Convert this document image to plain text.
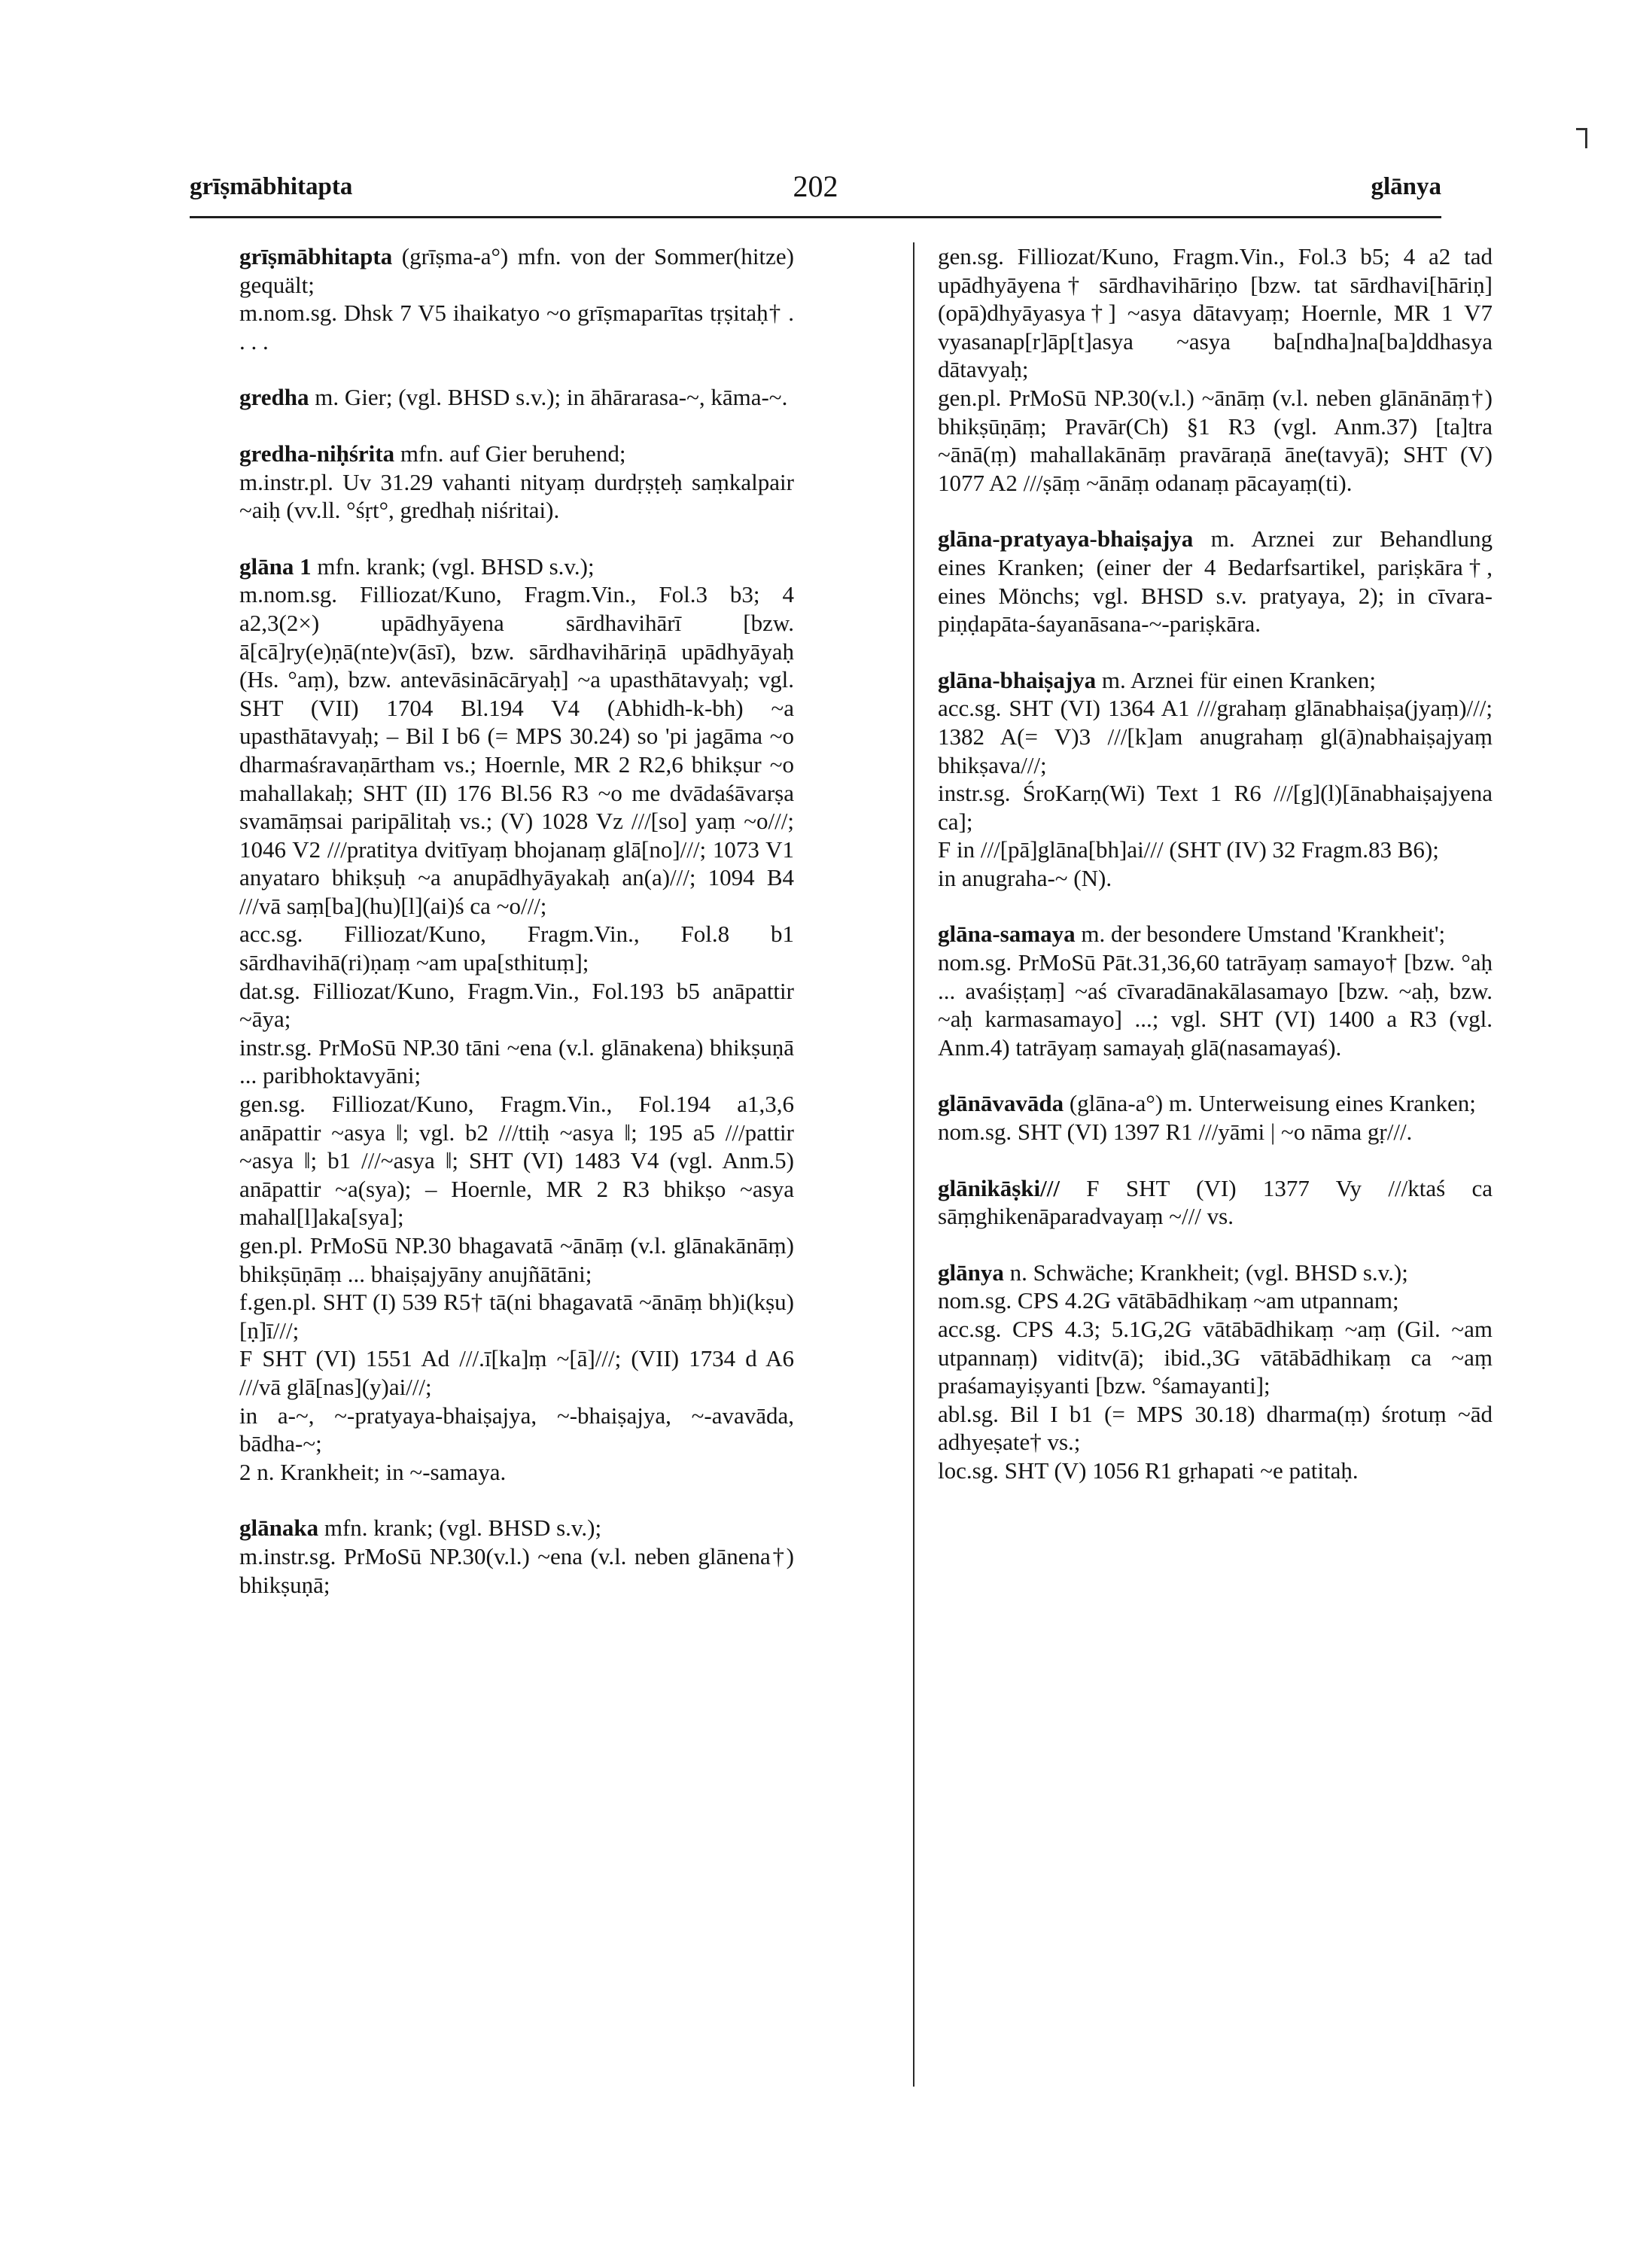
202
grīṣmābhitapta	glānya

grīṣmābhitapta (grīṣma-a°) mfn. von der Sommer(hitze) gequält;

m.nom.sg. Dhsk 7 V5 ihaikatyo ~o grīṣmaparītas tṛṣitaḥ† . . . .

gredha m. Gier; (vgl. BHSD s.v.); in āhārarasa-~, kāma-~.

gredha-niḥśrita mfn. auf Gier beruhend;

m.instr.pl. Uv 31.29 vahanti nityaṃ durdṛṣṭeḥ saṃkalpair ~aiḥ (vv.ll. °śṛt°, gredhaḥ niśritai).

glāna 1 mfn. krank; (vgl. BHSD s.v.);

m.nom.sg. Filliozat/Kuno, Fragm.Vin., Fol.3 b3; 4 a2,3(2×) upādhyāyena sārdhavihārī [bzw. ā[cā]ry(e)ṇā(nte)v(āsī), bzw. sārdhavihāriṇā upādhyāyaḥ (Hs. °aṃ), bzw. antevāsinācāryaḥ] ~a upasthātavyaḥ; vgl. SHT (VII) 1704 Bl.194 V4 (Abhidh-k-bh) ~a upasthātavyaḥ; – Bil I b6 (= MPS 30.24) so 'pi jagāma ~o dharmaśravaṇārtham vs.; Hoernle, MR 2 R2,6 bhikṣur ~o mahallakaḥ; SHT (II) 176 Bl.56 R3 ~o me dvādaśāvarṣa svamāṃsai paripālitaḥ vs.; (V) 1028 Vz ///[so] yaṃ ~o///; 1046 V2 ///pratitya dvitīyaṃ bhojanaṃ glā[no]///; 1073 V1 anyataro bhikṣuḥ ~a anupādhyāyakaḥ an(a)///; 1094 B4 ///vā saṃ[ba](hu)[l](ai)ś ca ~o///;

acc.sg. Filliozat/Kuno, Fragm.Vin., Fol.8 b1 sārdhavihā(ri)ṇaṃ ~am upa[sthituṃ];

dat.sg. Filliozat/Kuno, Fragm.Vin., Fol.193 b5 anāpattir ~āya;

instr.sg. PrMoSū NP.30 tāni ~ena (v.l. glānakena) bhikṣuṇā ... paribhoktavyāni;

gen.sg. Filliozat/Kuno, Fragm.Vin., Fol.194 a1,3,6 anāpattir ~asya ‖; vgl. b2 ///ttiḥ ~asya ‖; 195 a5 ///pattir ~asya ‖; b1 ///~asya ‖; SHT (VI) 1483 V4 (vgl. Anm.5) anāpattir ~a(sya); – Hoernle, MR 2 R3 bhikṣo ~asya mahal[l]aka[sya];

gen.pl. PrMoSū NP.30 bhagavatā ~ānāṃ (v.l. glānakānāṃ) bhikṣūṇāṃ ... bhaiṣajyāny anujñātāni;

f.gen.pl. SHT (I) 539 R5† tā(ni bhagavatā ~ānāṃ bh)i(kṣu)[ṇ]ī///;

F SHT (VI) 1551 Ad ///.ī[ka]ṃ ~[ā]///; (VII) 1734 d A6 ///vā glā[nas](y)ai///;

in a-~, ~-pratyaya-bhaiṣajya, ~-bhaiṣajya, ~-avavāda, bādha-~;

2 n. Krankheit; in ~-samaya.

glānaka mfn. krank; (vgl. BHSD s.v.);

m.instr.sg. PrMoSū NP.30(v.l.) ~ena (v.l. neben glānena†) bhikṣuṇā;

gen.sg. Filliozat/Kuno, Fragm.Vin., Fol.3 b5; 4 a2 tad upādhyāyena† sārdhavihāriṇo [bzw. tat sārdhavi[hāriṇ](opā)dhyāyasya†] ~asya dātavyaṃ; Hoernle, MR 1 V7 vyasanap[r]āp[t]asya ~asya ba[ndha]na[ba]ddhasya dātavyaḥ;

gen.pl. PrMoSū NP.30(v.l.) ~ānāṃ (v.l. neben glānānāṃ†) bhikṣūṇāṃ; Pravār(Ch) §1 R3 (vgl. Anm.37) [ta]tra ~ānā(ṃ) mahallakānāṃ pravāraṇā āne(tavyā); SHT (V) 1077 A2 ///ṣāṃ ~ānāṃ odanaṃ pācayaṃ(ti).

glāna-pratyaya-bhaiṣajya m. Arznei zur Behandlung eines Kranken; (einer der 4 Bedarfsartikel, pariṣkāra†, eines Mönchs; vgl. BHSD s.v. pratyaya, 2); in cīvara-piṇḍapāta-śayanāsana-~-pariṣkāra.

glāna-bhaiṣajya m. Arznei für einen Kranken;

acc.sg. SHT (VI) 1364 A1 ///grahaṃ glānabhaiṣa(jyaṃ)///; 1382 A(= V)3 ///[k]am anugrahaṃ gl(ā)nabhaiṣajyaṃ bhikṣava///;

instr.sg. ŚroKarṇ(Wi) Text 1 R6 ///[g](l)[ānabhaiṣajyena ca];

F in ///[pā]glāna[bh]ai/// (SHT (IV) 32 Fragm.83 B6);

in anugraha-~ (N).

glāna-samaya m. der besondere Umstand 'Krankheit';

nom.sg. PrMoSū Pāt.31,36,60 tatrāyaṃ samayo† [bzw. °aḥ ... avaśiṣṭaṃ] ~aś cīvaradānakālasamayo [bzw. ~aḥ, bzw. ~aḥ karmasamayo] ...; vgl. SHT (VI) 1400 a R3 (vgl. Anm.4) tatrāyaṃ samayaḥ glā(nasamayaś).

glānāvavāda (glāna-a°) m. Unterweisung eines Kranken;

nom.sg. SHT (VI) 1397 R1 ///yāmi | ~o nāma gṛ///.

glānikāṣki/// F SHT (VI) 1377 Vy ///ktaś ca sāṃghikenāparadvayaṃ ~/// vs.

glānya n. Schwäche; Krankheit; (vgl. BHSD s.v.);

nom.sg. CPS 4.2G vātābādhikaṃ ~am utpannam;

acc.sg. CPS 4.3; 5.1G,2G vātābādhikaṃ ~aṃ (Gil. ~am utpannaṃ) viditv(ā); ibid.,3G vātābādhikaṃ ca ~aṃ praśamayiṣyanti [bzw. °śamayanti];

abl.sg. Bil I b1 (= MPS 30.18) dharma(ṃ) śrotuṃ ~ād adhyeṣate† vs.;

loc.sg. SHT (V) 1056 R1 gṛhapati ~e patitaḥ.
